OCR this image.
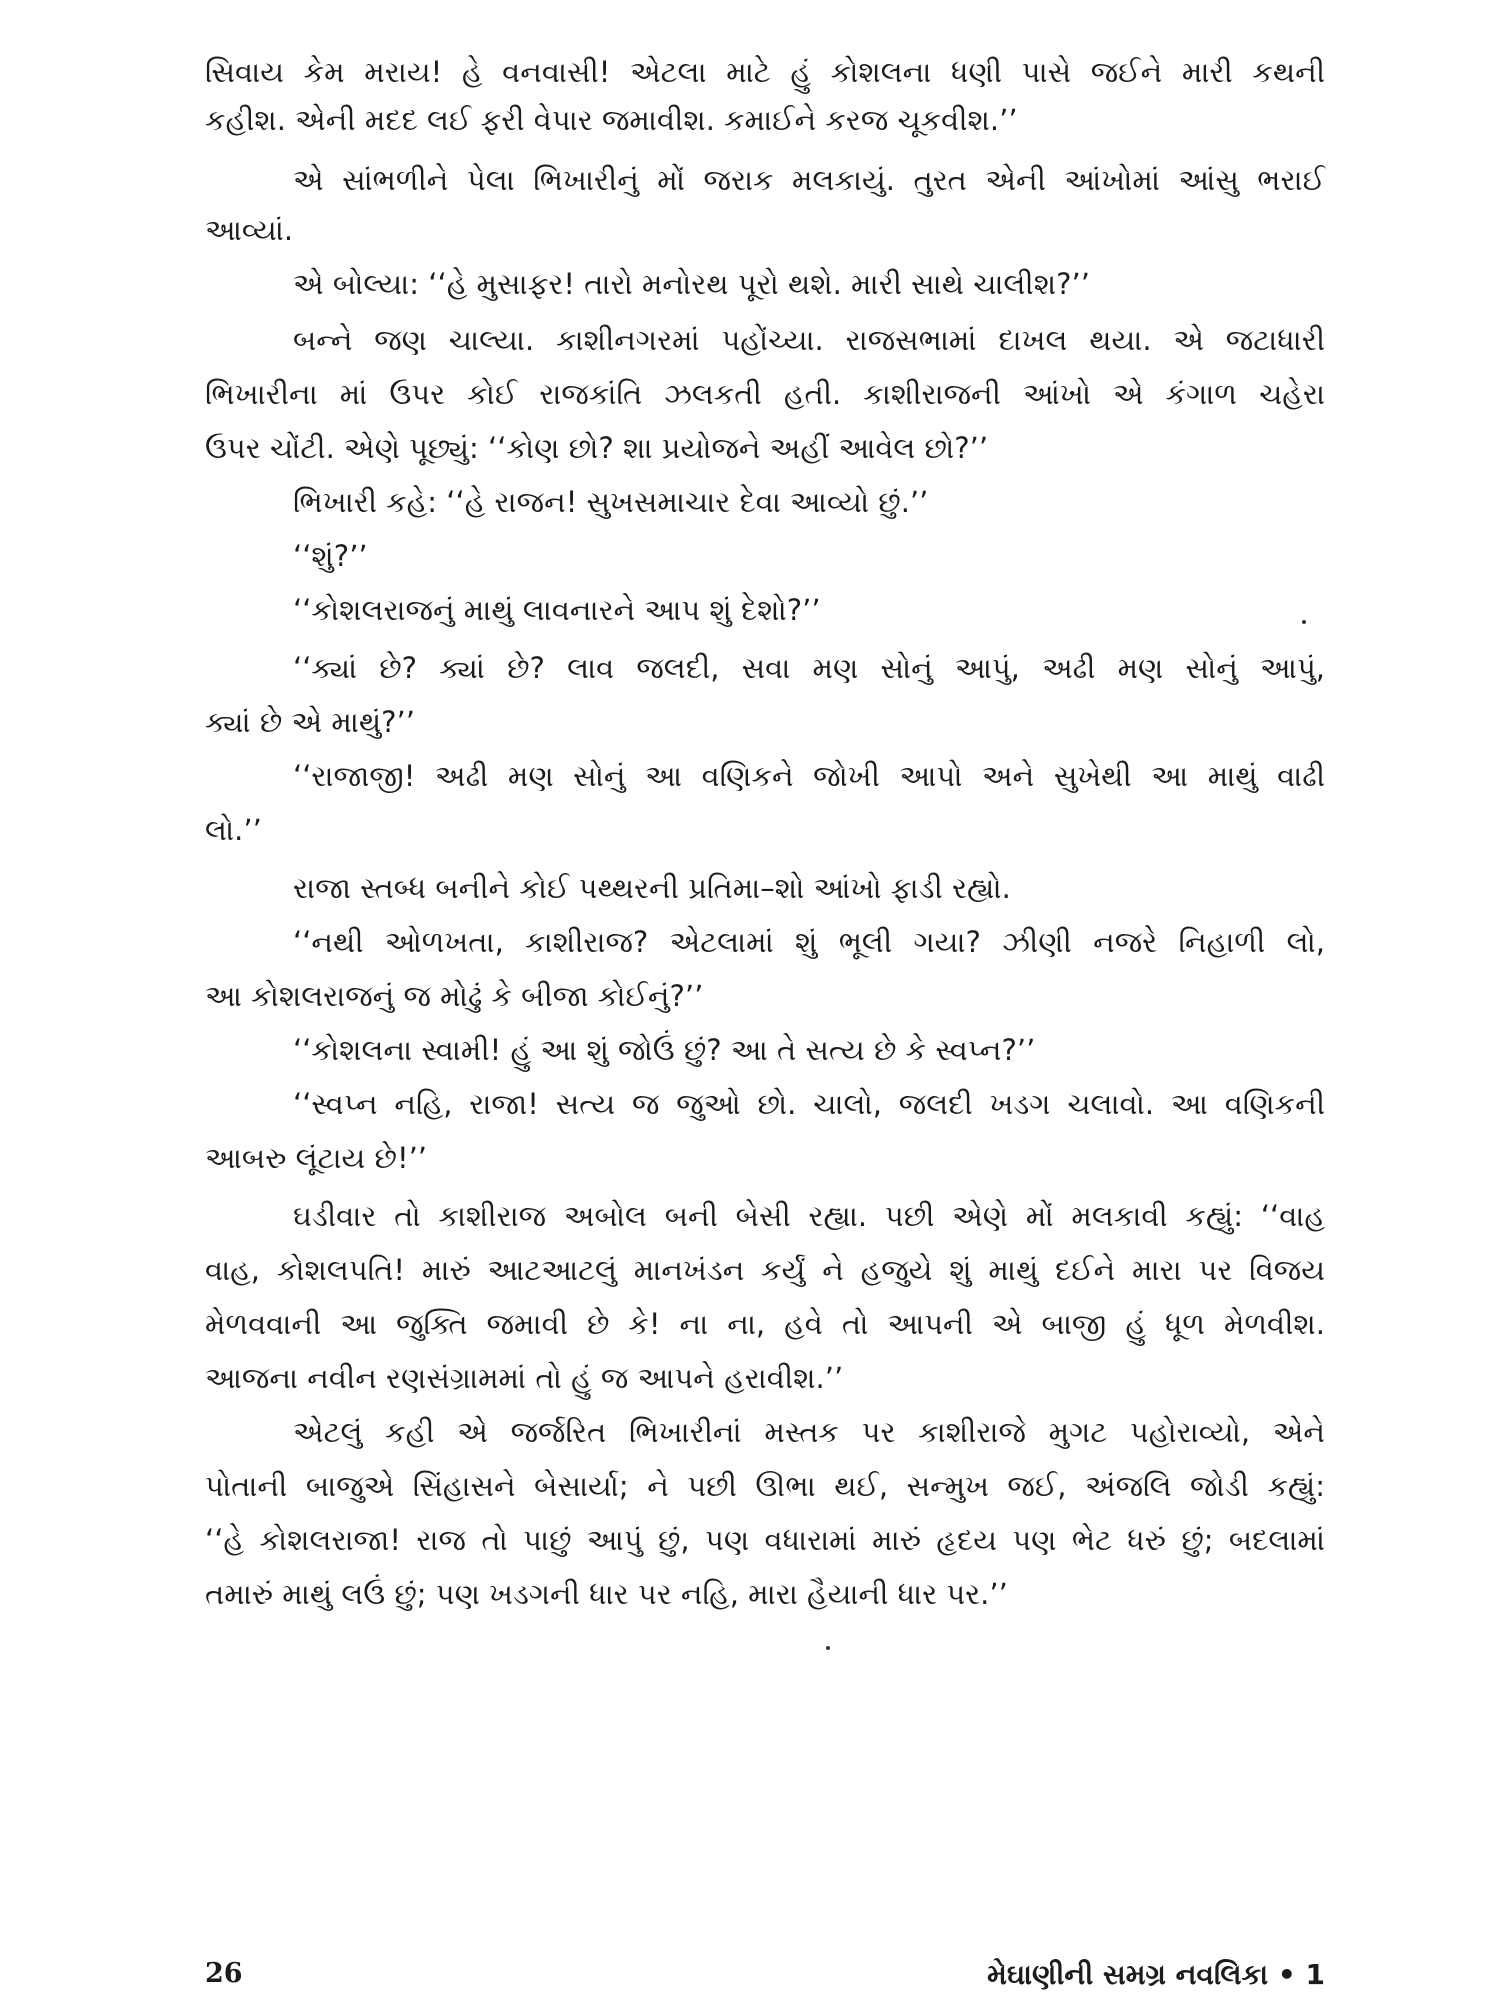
સિવાય કેમ મરાય! હે વનવાસી! એટલા માટે હું કોશલના ધણી પાસે જઈને મારી કથની
કહીશ. એની મદદ લઈ ફરી વેપાર જમાવીશ. કમાઈને કરજ ચૂકવીશ.’’
એ સાંભળીને પેલા ભિખારીનું મોં જરાક મલકાયું. તુરત એની આંખોમાં આંસુ ભરાઈ
આવ્યાં.
એ બોલ્યા: ‘‘હે મુસાફર! તારો મનોરથ પૂરો થશે. મારી સાથે ચાલીશ?’’
બન્ને જણ ચાલ્યા. કાશીનગરમાં પહોંચ્યા. રાજસભામાં દાખલ થયા. એ જટાધારી
ભિખારીના માં ઉપર કોઈ રાજકાંતિ ઝલકતી હતી. કાશીરાજની આંખો એ કંગાળ ચહેરા
ઉપર ચોંટી. એણે પૂછ્યું: ‘‘કોણ છો? શા પ્રયોજને અહીં આવેલ છો?’’
ભિખારી કહે: ‘‘હે રાજન! સુખસમાચાર દેવા આવ્યો છું.’’
‘‘શું?’’
‘‘કોશલરાજનું માથું લાવનારને આપ શું દેશો?’’
‘‘ક્યાં છે? ક્યાં છે? લાવ જલદી, સવા મણ સોનું આપું, અઢી મણ સોનું આપું,
ક્યાં છે એ માથું?’’
‘‘રાજાજી! અઢી મણ સોનું આ વણિકને જોખી આપો અને સુખેથી આ માથું વાઢી
લો.’’
રાજા સ્તબ્ધ બનીને કોઈ પથ્થરની પ્રતિમા–શો આંખો ફાડી રહ્યો.
‘‘નથી ઓળખતા, કાશીરાજ? એટલામાં શું ભૂલી ગયા? ઝીણી નજરે નિહાળી લો,
આ કોશલરાજનું જ મોઢું કે બીજા કોઈનું?’’
‘‘કોશલના સ્વામી! હું આ શું જોઉં છું? આ તે સત્ય છે કે સ્વપ્ન?’’
‘‘સ્વપ્ન નહિ, રાજા! સત્ય જ જુઓ છો. ચાલો, જલદી ખડગ ચલાવો. આ વણિકની
આબરુ લૂંટાય છે!’’
ઘડીવાર તો કાશીરાજ અબોલ બની બેસી રહ્યા. પછી એણે મોં મલકાવી કહ્યું: ‘‘વાહ
વાહ, કોશલપતિ! મારું આટઆટલું માનખંડન કર્યું ને હજુયે શું માથું દઈને મારા પર વિજય
મેળવવાની આ જુક્તિ જમાવી છે કે! ના ના, હવે તો આપની એ બાજી હું ધૂળ મેળવીશ.
આજના નવીન રણસંગ્રામમાં તો હું જ આપને હરાવીશ.’’
એટલું કહી એ જર્જરિત ભિખારીનાં મસ્તક પર કાશીરાજે મુગટ પહોરાવ્યો, એને
પોતાની બાજુએ સિંહાસને બેસાર્યા; ને પછી ઊભા થઈ, સન્મુખ જઈ, અંજલિ જોડી કહ્યું:
‘‘હે કોશલરાજા! રાજ તો પાછું આપું છું, પણ વધારામાં મારું હૃદય પણ ભેટ ધરું છું; બદલામાં
તમારું માથું લઉં છું; પણ ખડગની ધાર પર નહિ, મારા હૈયાની ધાર પર.’’
26	મેઘાણીની સમગ્ર નવલિકા • 1
